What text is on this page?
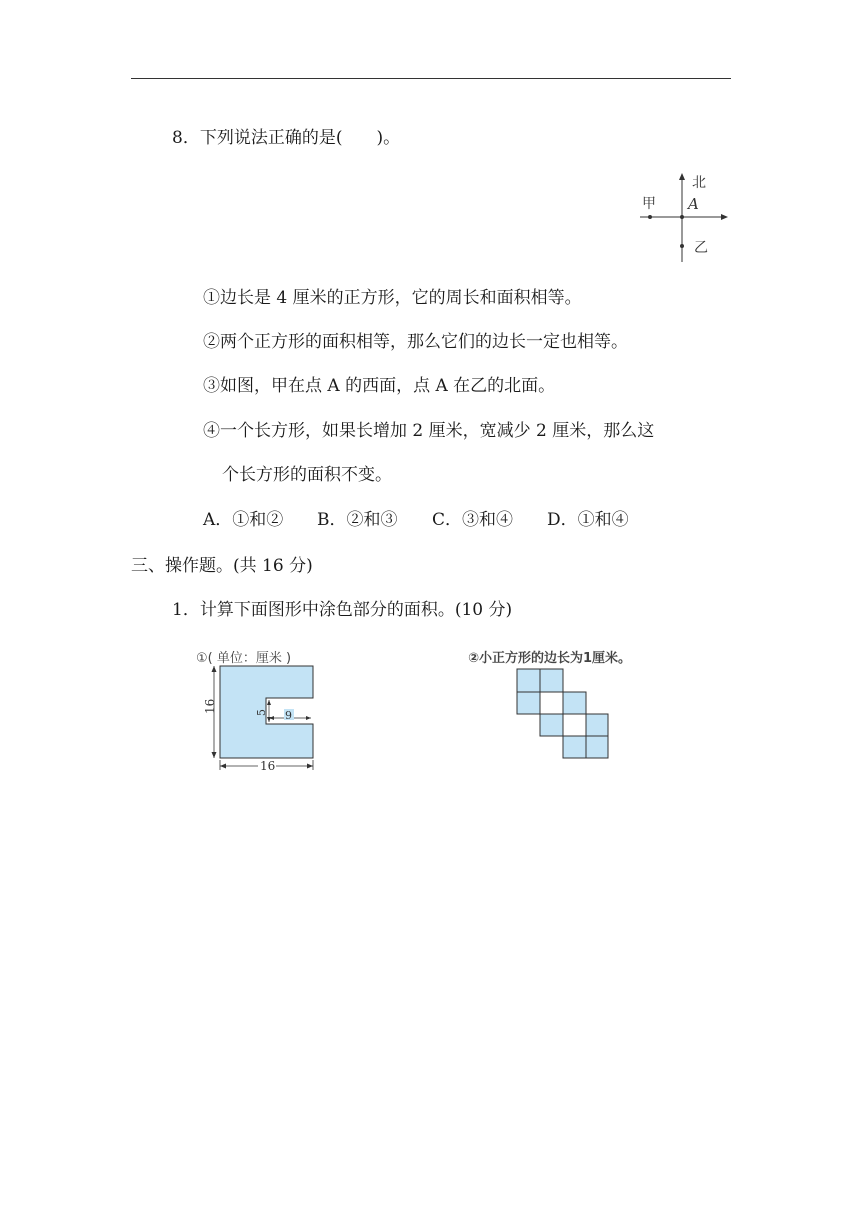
8．下列说法正确的是(　　)。
北
A
甲
乙
①边长是 4 厘米的正方形，它的周长和面积相等。
②两个正方形的面积相等，那么它们的边长一定也相等。
③如图，甲在点 A 的西面，点 A 在乙的北面。
④一个长方形，如果长增加 2 厘米，宽减少 2 厘米，那么这
个长方形的面积不变。
A．①和② B．②和③ C．③和④ D．①和④
三、操作题。(共 16 分)
1．计算下面图形中涂色部分的面积。(10 分)
①( 单位：厘米 )
16
16
5 9
②小正方形的边长为1厘米。
